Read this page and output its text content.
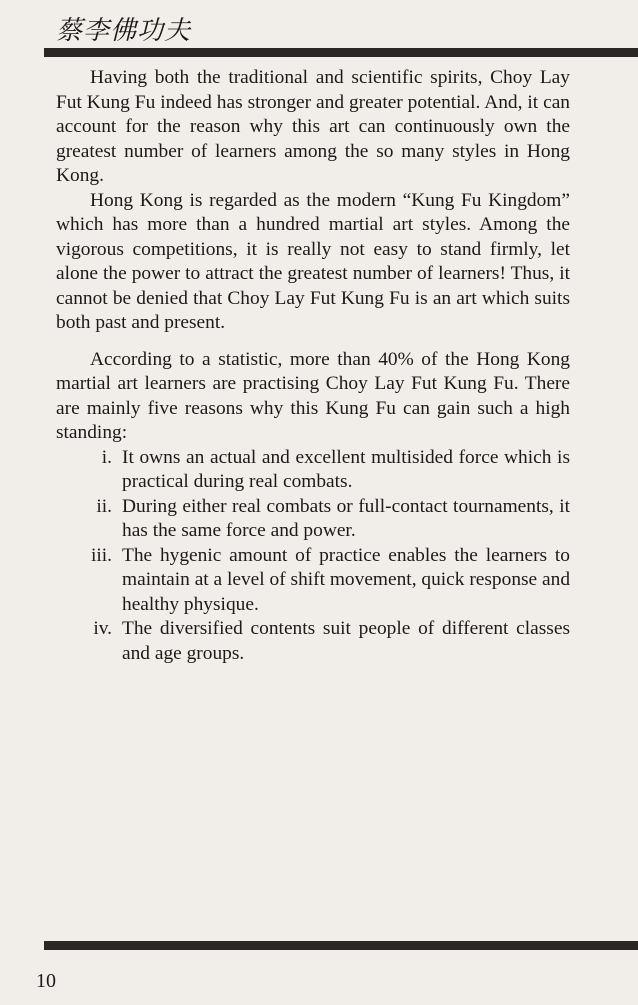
蔡李佛功夫

Having both the traditional and scientific spirits, Choy Lay Fut Kung Fu indeed has stronger and greater potential. And, it can account for the reason why this art can continuously own the greatest number of learners among the so many styles in Hong Kong.

Hong Kong is regarded as the modern “Kung Fu Kingdom” which has more than a hundred martial art styles. Among the vigorous competitions, it is really not easy to stand firmly, let alone the power to attract the greatest number of learners! Thus, it cannot be denied that Choy Lay Fut Kung Fu is an art which suits both past and present.

According to a statistic, more than 40% of the Hong Kong martial art learners are practising Choy Lay Fut Kung Fu. There are mainly five reasons why this Kung Fu can gain such a high standing:

i. It owns an actual and excellent multisided force which is practical during real combats.
ii. During either real combats or full-contact tournaments, it has the same force and power.
iii. The hygenic amount of practice enables the learners to maintain at a level of shift movement, quick response and healthy physique.
iv. The diversified contents suit people of different classes and age groups.
10
